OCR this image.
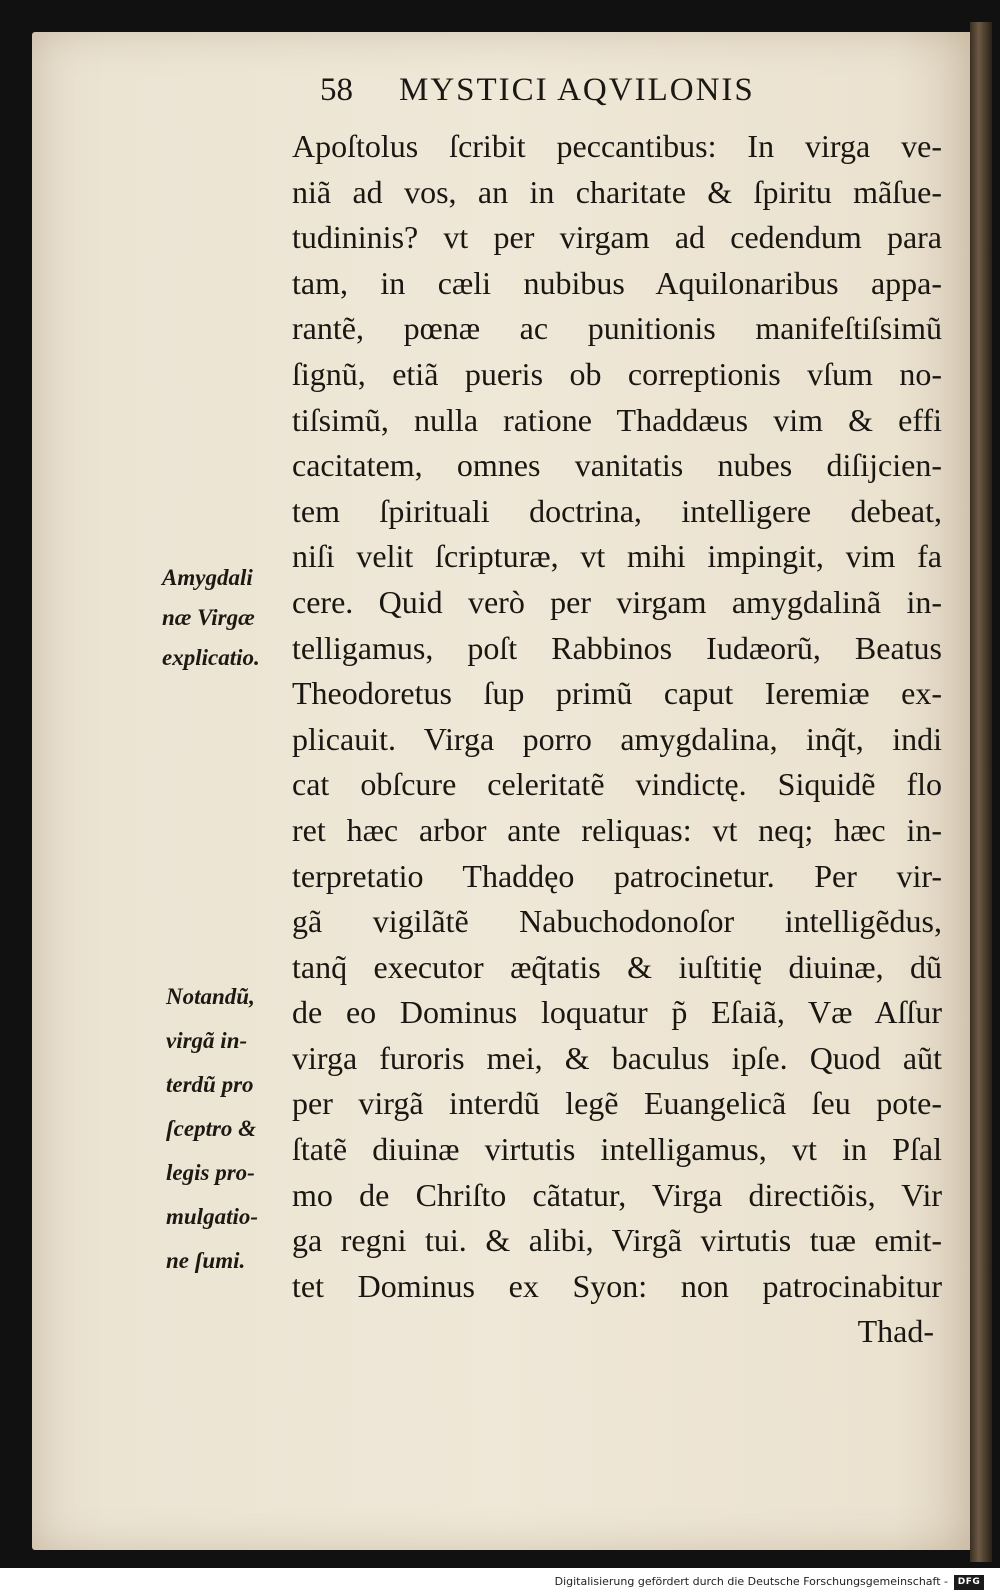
58 MYSTICI AQVILONIS
Apoſtolus ſcribit peccantibus: In virga ve-
niã ad vos, an in charitate & ſpiritu mãſue-
tudininis? vt per virgam ad cedendum para
tam, in cæli nubibus Aquilonaribus appa-
rantẽ, pœnæ ac punitionis manifeſtiſsimũ
ſignũ, etiã pueris ob correptionis vſum no-
tiſsimũ, nulla ratione Thaddæus vim & effi
cacitatem, omnes vanitatis nubes diſijcien-
tem ſpirituali doctrina, intelligere debeat,
niſi velit ſcripturæ, vt mihi impingit, vim fa
cere. Quid verò per virgam amygdalinã in-
telligamus, poſt Rabbinos Iudæorũ, Beatus
Theodoretus ſup primũ caput Ieremiæ ex-
plicauit. Virga porro amygdalina, inq̃t, indi
cat obſcure celeritatẽ vindictę. Siquidẽ flo
ret hæc arbor ante reliquas: vt neq; hæc in-
terpretatio Thaddęo patrocinetur. Per vir-
gã vigilãtẽ Nabuchodonoſor intelligẽdus,
tanq̃ executor æq̃tatis & iuſtitię diuinæ, dũ
de eo Dominus loquatur p̃ Eſaiã, Væ Aſſur
virga furoris mei, & baculus ipſe. Quod aũt
per virgã interdũ legẽ Euangelicã ſeu pote-
ſtatẽ diuinæ virtutis intelligamus, vt in Pſal
mo de Chriſto cãtatur, Virga directiõis, Vir
ga regni tui. & alibi, Virgã virtutis tuæ emit-
tet Dominus ex Syon: non patrocinabitur
Thad-
Amygdali
næ Virgæ
explicatio.
Notandũ,
virgã in-
terdũ pro
ſceptro &
legis pro-
mulgatio-
ne ſumi.
Digitalisierung gefördert durch die Deutsche Forschungsgemeinschaft -	DFG
